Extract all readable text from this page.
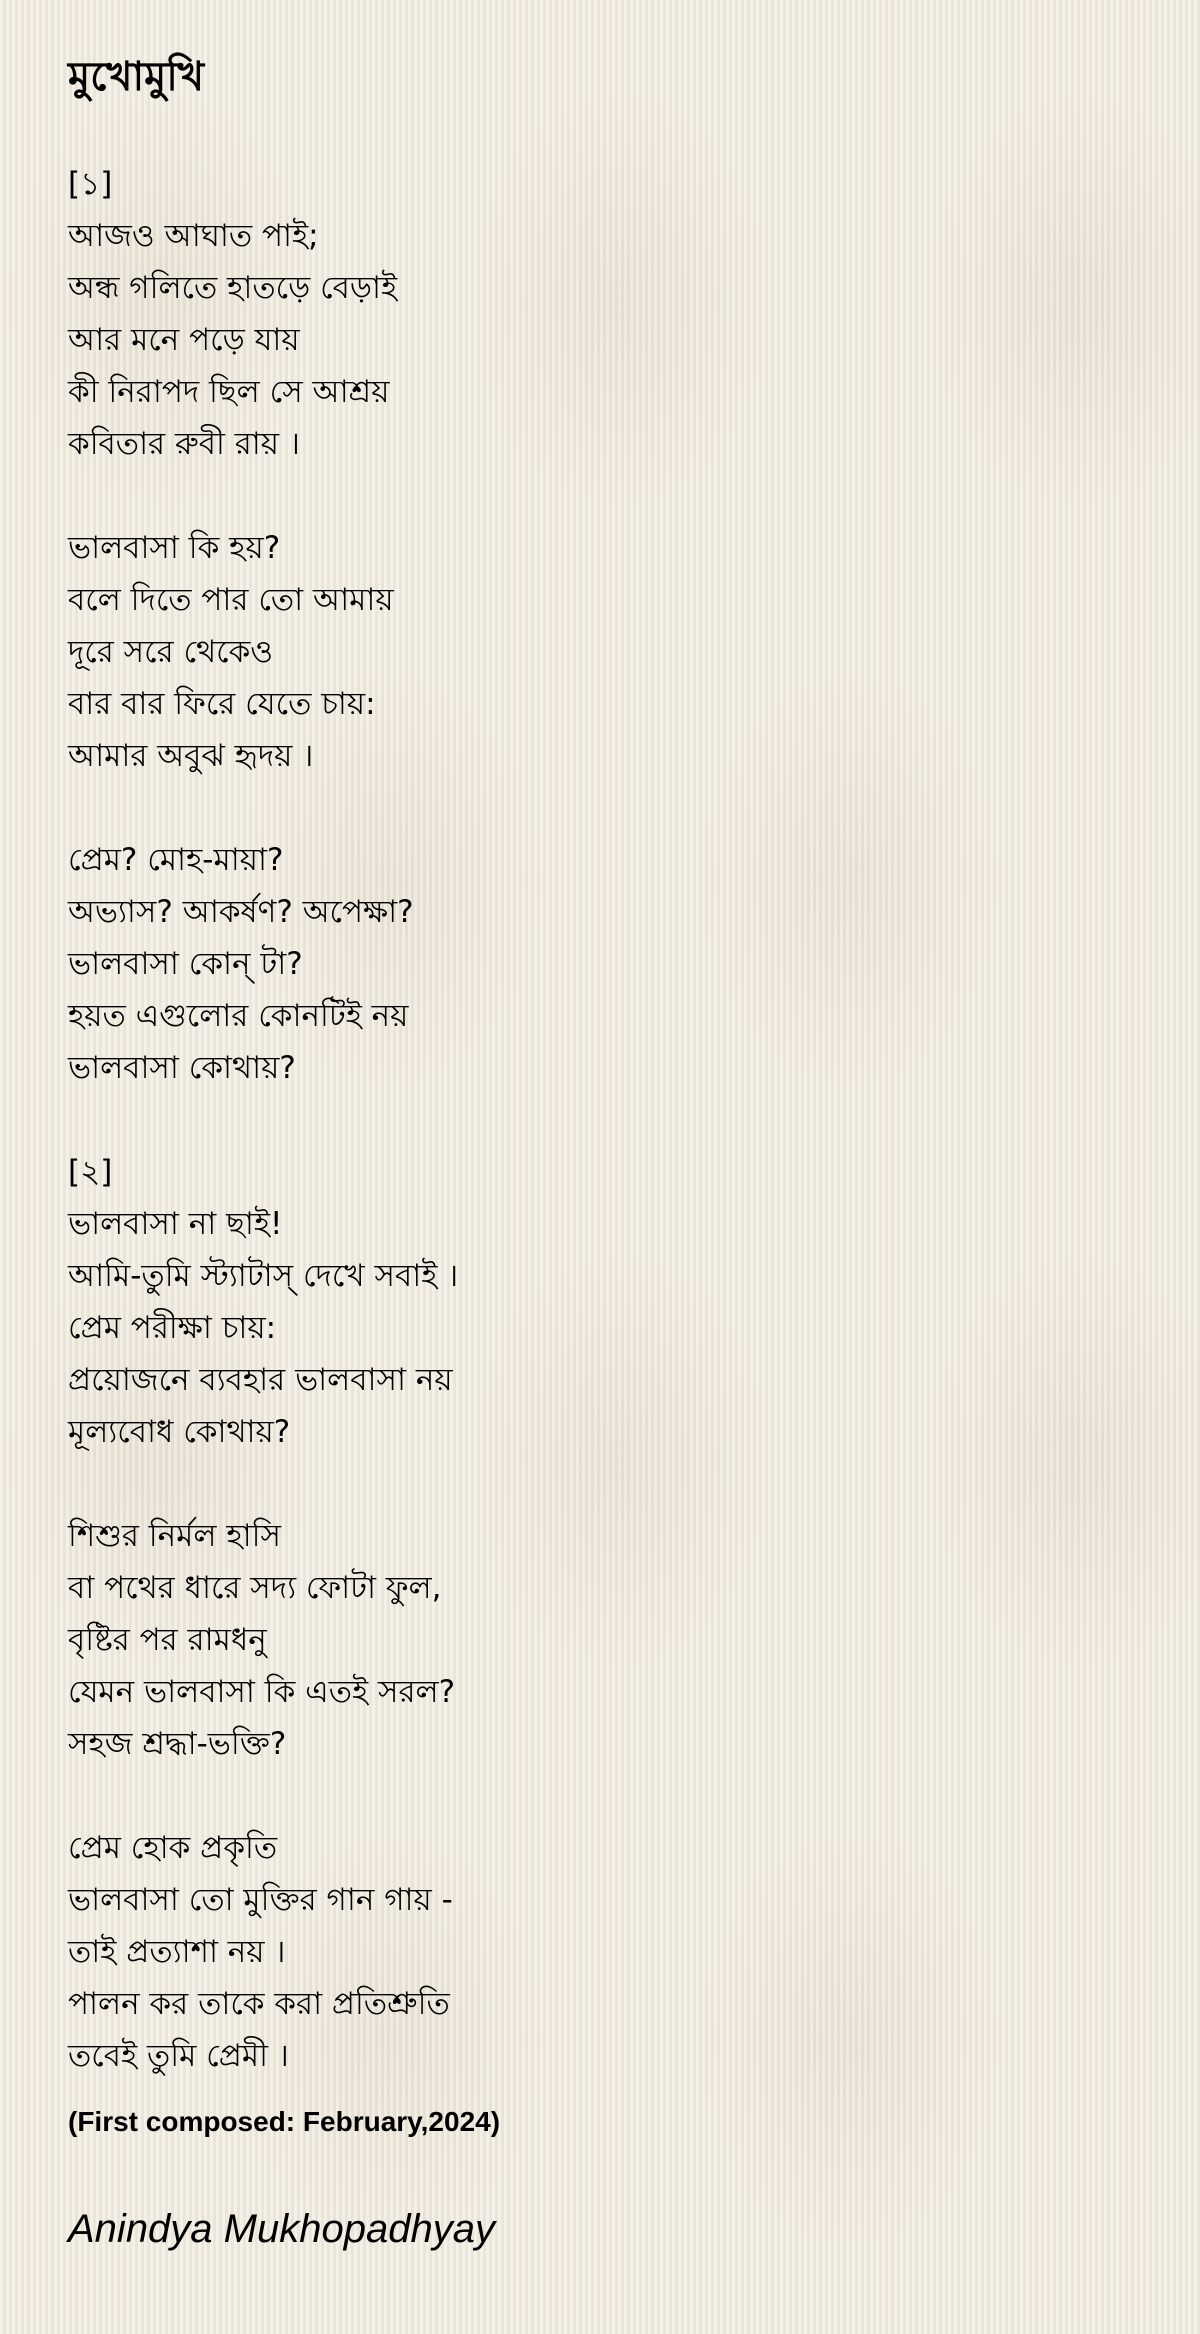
মুখোমুখি
[১]
আজও আঘাত পাই;
অন্ধ গলিতে হাতড়ে বেড়াই
আর মনে পড়ে যায়
কী নিরাপদ ছিল সে আশ্রয়
কবিতার রুবী রায় ।
ভালবাসা কি হয়?
বলে দিতে পার তো আমায়
দূরে সরে থেকেও
বার বার ফিরে যেতে চায়:
আমার অবুঝ হৃদয় ।
প্রেম? মোহ-মায়া?
অভ্যাস? আকর্ষণ? অপেক্ষা?
ভালবাসা কোন্ টা?
হয়ত এগুলোর কোনটিই নয়
ভালবাসা কোথায়?
[২]
ভালবাসা না ছাই!
আমি-তুমি স্ট্যাটাস্ দেখে সবাই ।
প্রেম পরীক্ষা চায়:
প্রয়োজনে ব্যবহার ভালবাসা নয়
মূল্যবোধ কোথায়?
শিশুর নির্মল হাসি
বা পথের ধারে সদ্য ফোটা ফুল,
বৃষ্টির পর রামধনু
যেমন ভালবাসা কি এতই সরল?
সহজ শ্রদ্ধা-ভক্তি?
প্রেম হোক প্রকৃতি
ভালবাসা তো মুক্তির গান গায় -
তাই প্রত্যাশা নয় ।
পালন কর তাকে করা প্রতিশ্রুতি
তবেই তুমি প্রেমী ।
(First composed: February,2024)
Anindya Mukhopadhyay
